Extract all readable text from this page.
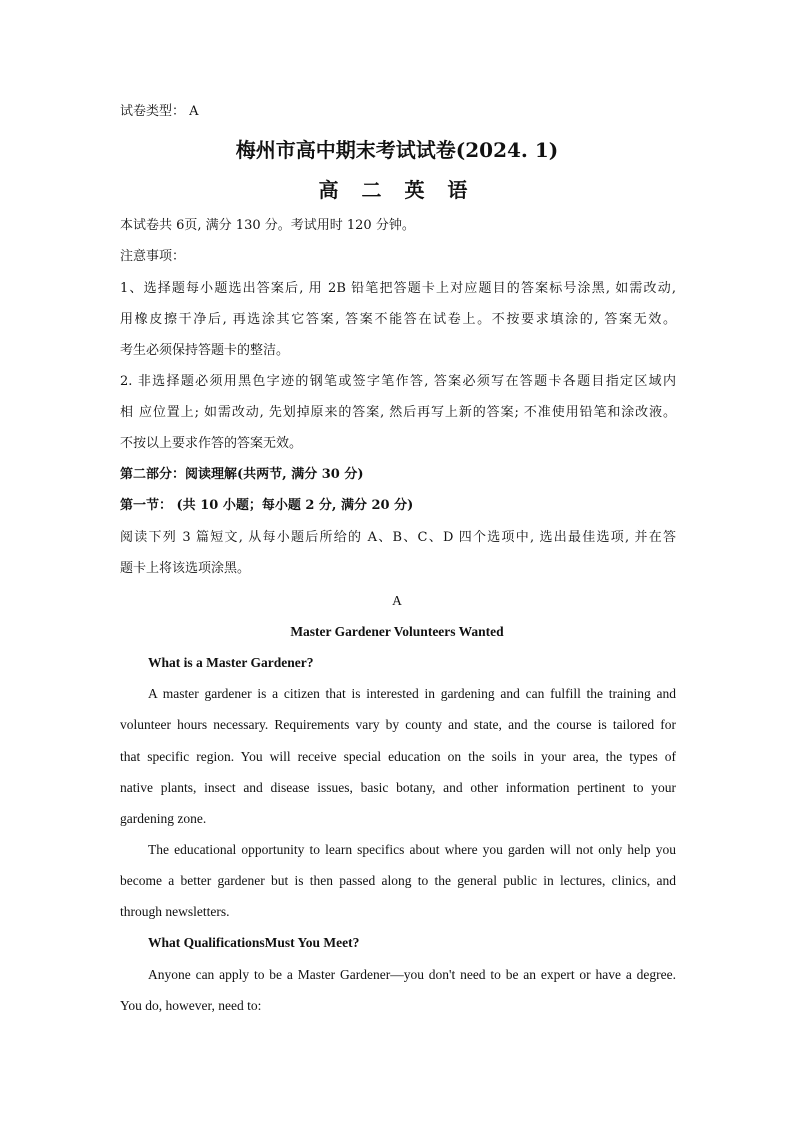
试卷类型： A
梅州市高中期末考试试卷(2024. 1)
高 二 英 语
本试卷共 6页, 满分 130 分。考试用时 120 分钟。
注意事项：
1、选择题每小题选出答案后, 用 2B 铅笔把答题卡上对应题目的答案标号涂黑, 如需改动,
用橡皮擦干净后, 再选涂其它答案, 答案不能答在试卷上。不按要求填涂的, 答案无效。
考生必须保持答题卡的整洁。
2. 非选择题必须用黑色字迹的钢笔或签字笔作答, 答案必须写在答题卡各题目指定区域内
相 应位置上; 如需改动, 先划掉原来的答案, 然后再写上新的答案; 不准使用铅笔和涂改液。
不按以上要求作答的答案无效。
第二部分：阅读理解(共两节, 满分 30 分)
第一节： (共 10 小题；每小题 2 分, 满分 20 分)
阅读下列 3 篇短文, 从每小题后所给的 A、B、C、D 四个选项中, 选出最佳选项, 并在答
题卡上将该选项涂黑。
A
Master Gardener Volunteers Wanted
What is a Master Gardener?
A master gardener is a citizen that is interested in gardening and can fulfill the training and
volunteer hours necessary. Requirements vary by county and state, and the course is tailored for
that specific region. You will receive special education on the soils in your area, the types of
native plants, insect and disease issues, basic botany, and other information pertinent to your
gardening zone.
The educational opportunity to learn specifics about where you garden will not only help you
become a better gardener but is then passed along to the general public in lectures, clinics, and
through newsletters.
What QualificationsMust You Meet?
Anyone can apply to be a Master Gardener—you don't need to be an expert or have a degree.
You do, however, need to:
